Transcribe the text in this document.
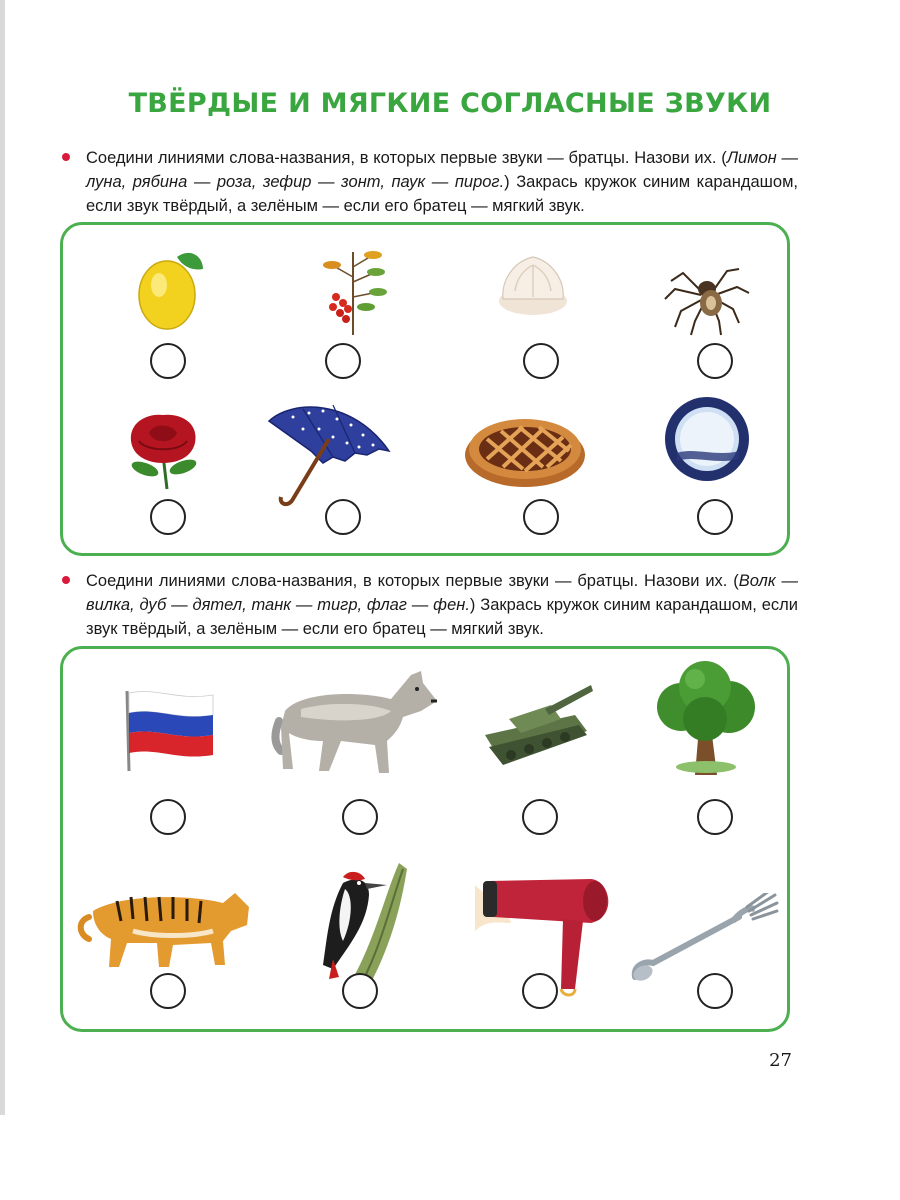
ТВЁРДЫЕ И МЯГКИЕ СОГЛАСНЫЕ ЗВУКИ
Соедини линиями слова-названия, в которых первые звуки — братцы. Назови их. (Лимон — луна, рябина — роза, зефир — зонт, паук — пирог.) Закрась кружок синим карандашом, если звук твёрдый, а зелёным — если его братец — мягкий звук.
Соедини линиями слова-названия, в которых первые звуки — братцы. Назови их. (Волк — вилка, дуб — дятел, танк — тигр, флаг — фен.) Закрась кружок синим карандашом, если звук твёрдый, а зелёным — если его братец — мягкий звук.
27
